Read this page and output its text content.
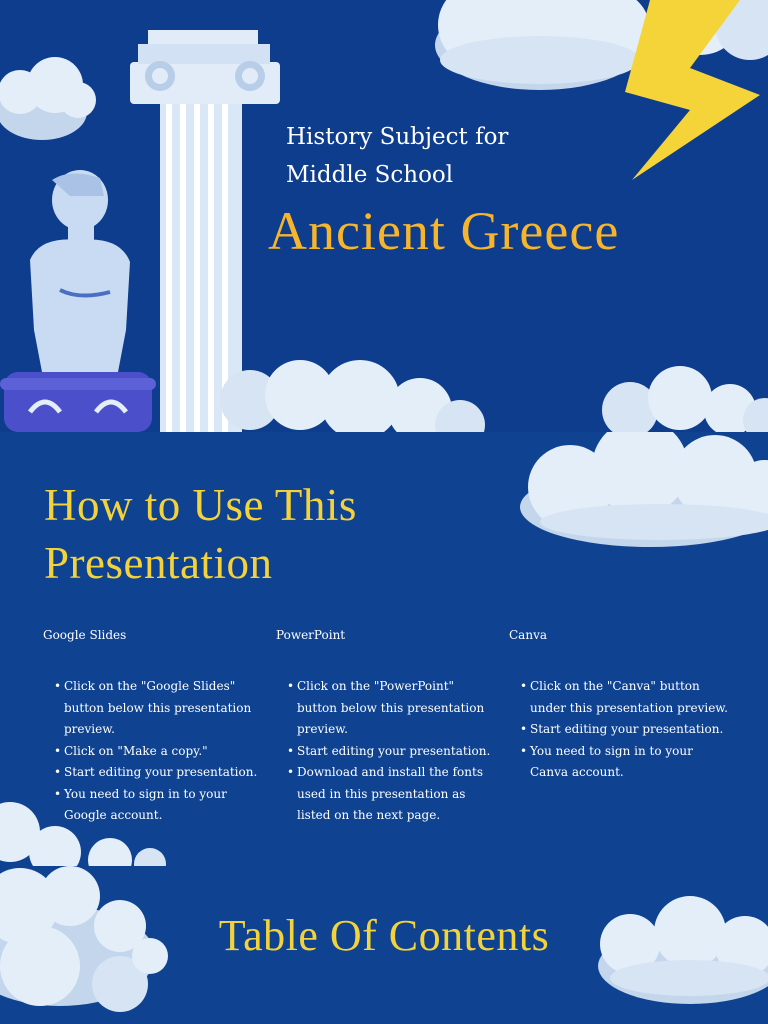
History Subject for
Middle School
Ancient Greece
How to Use This
Presentation
Google Slides
• Click on the "Google Slides" button below this presentation preview.
• Click on "Make a copy."
• Start editing your presentation.
• You need to sign in to your Google account.
PowerPoint
• Click on the "PowerPoint" button below this presentation preview.
• Start editing your presentation.
• Download and install the fonts used in this presentation as listed on the next page.
Canva
• Click on the "Canva" button under this presentation preview.
• Start editing your presentation.
• You need to sign in to your Canva account.
Table Of Contents
